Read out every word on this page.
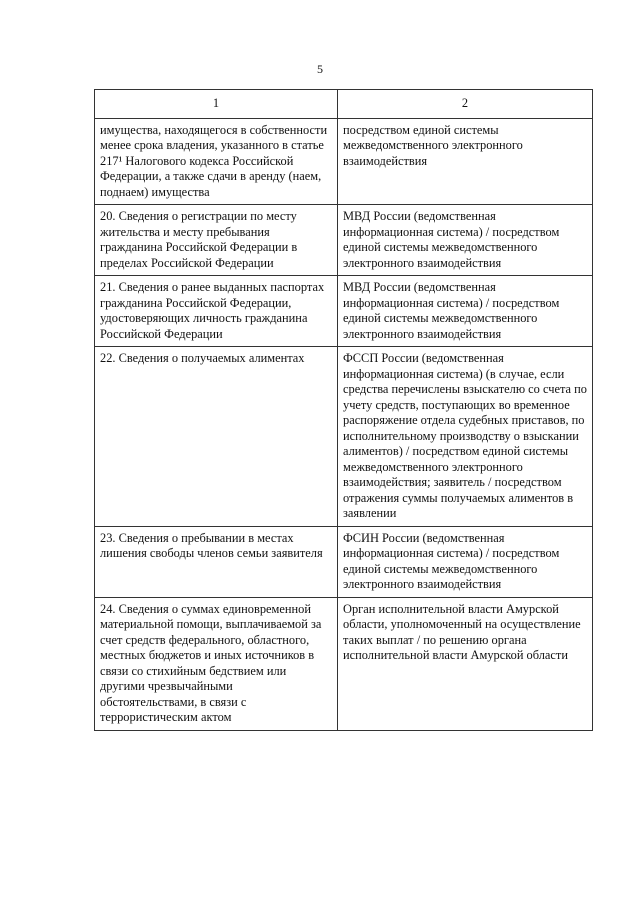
5
1	2

имущества, находящегося в собственности менее срока владения, указанного в статье 217¹ Налогового кодекса Российской Федерации, а также сдачи в аренду (наем, поднаем) имущества	посредством единой системы межведомственного электронного взаимодействия

20. Сведения о регистрации по месту жительства и месту пребывания гражданина Российской Федерации в пределах Российской Федерации	МВД России (ведомственная информационная система) / посредством единой системы межведомственного электронного взаимодействия

21. Сведения о ранее выданных паспортах гражданина Российской Федерации, удостоверяющих личность гражданина Российской Федерации	МВД России (ведомственная информационная система) / посредством единой системы межведомственного электронного взаимодействия

22. Сведения о получаемых алиментах	ФССП России (ведомственная информационная система) (в случае, если средства перечислены взыскателю со счета по учету средств, поступающих во временное распоряжение отдела судебных приставов, по исполнительному производству о взыскании алиментов) / посредством единой системы межведомственного электронного взаимодействия; заявитель / посредством отражения суммы получаемых алиментов в заявлении

23. Сведения о пребывании в местах лишения свободы членов семьи заявителя	ФСИН России (ведомственная информационная система) / посредством единой системы межведомственного электронного взаимодействия

24. Сведения о суммах единовременной материальной помощи, выплачиваемой за счет средств федерального, областного, местных бюджетов и иных источников в связи со стихийным бедствием или другими чрезвычайными обстоятельствами, в связи с террористическим актом	Орган исполнительной власти Амурской области, уполномоченный на осуществление таких выплат / по решению органа исполнительной власти Амурской области
